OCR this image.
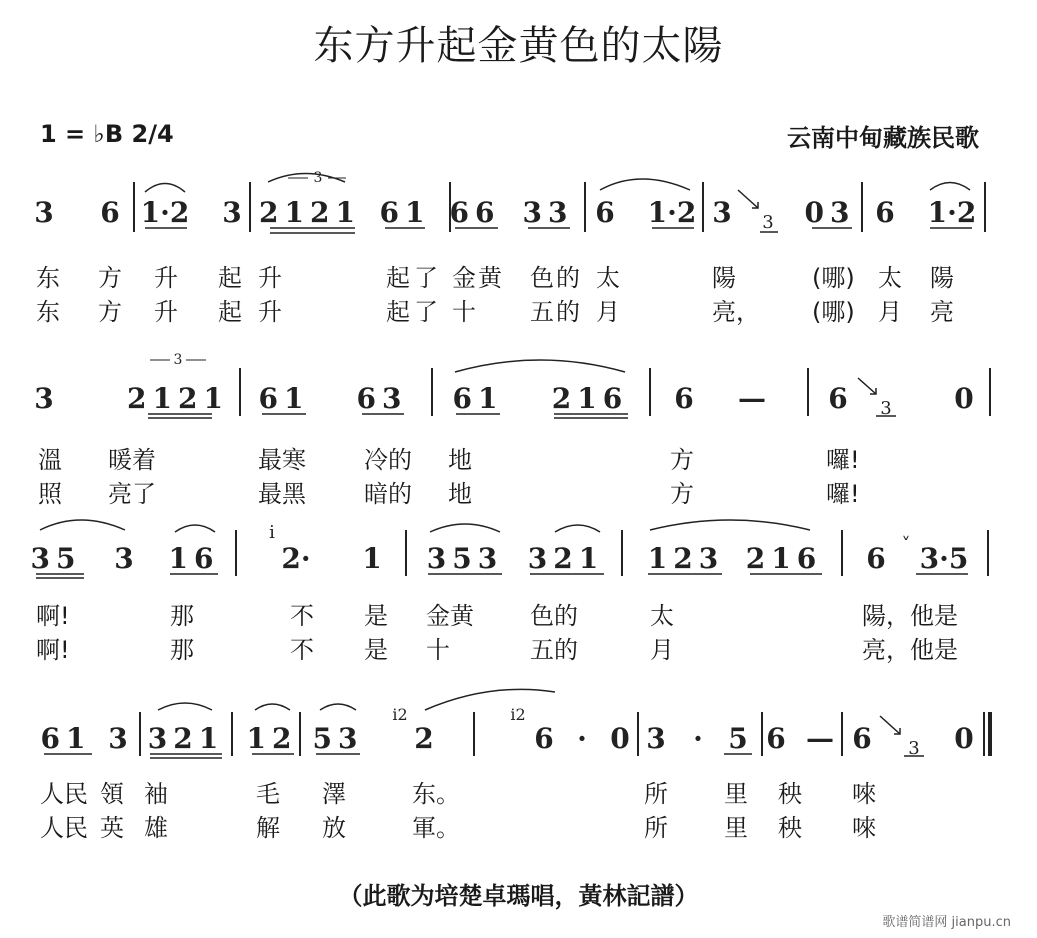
东方升起金黄色的太陽
1 = ♭B 2/4	云南中甸藏族民歌
3
3 6 1·2 3 2121 61 66 33 6 1·2 3 3 03 6 1·2
东 方 升 起 升	起 了 金 黄 色 的 太	陽	(哪) 太 陽
东 方 升 起 升	起 了 十 五 的 月	亮， (哪) 月 亮
3
3	2121 61 63 61 216 6 — 6 3 0
溫 暖着	最寒 冷的 地	方	囉!
照 亮了	最黑 暗的 地	方	囉!
i
35 3 16 2· 1 353 321 123 216 6 3·5
˅
啊!	那	不 是 金黄 色的	太	陽，他是
啊!	那	不 是 十	五的	月	亮，他是
i2	i2
61 3 321 12 53 2	6 · 0 3 · 5 6 — 6 3 0
人民 領 袖	毛 澤	东。	所 里 秧 唻
人民 英 雄	解 放	軍。	所 里 秧 唻
（此歌为培楚卓瑪唱，黃林記譜）
歌谱简谱网 jianpu.cn
